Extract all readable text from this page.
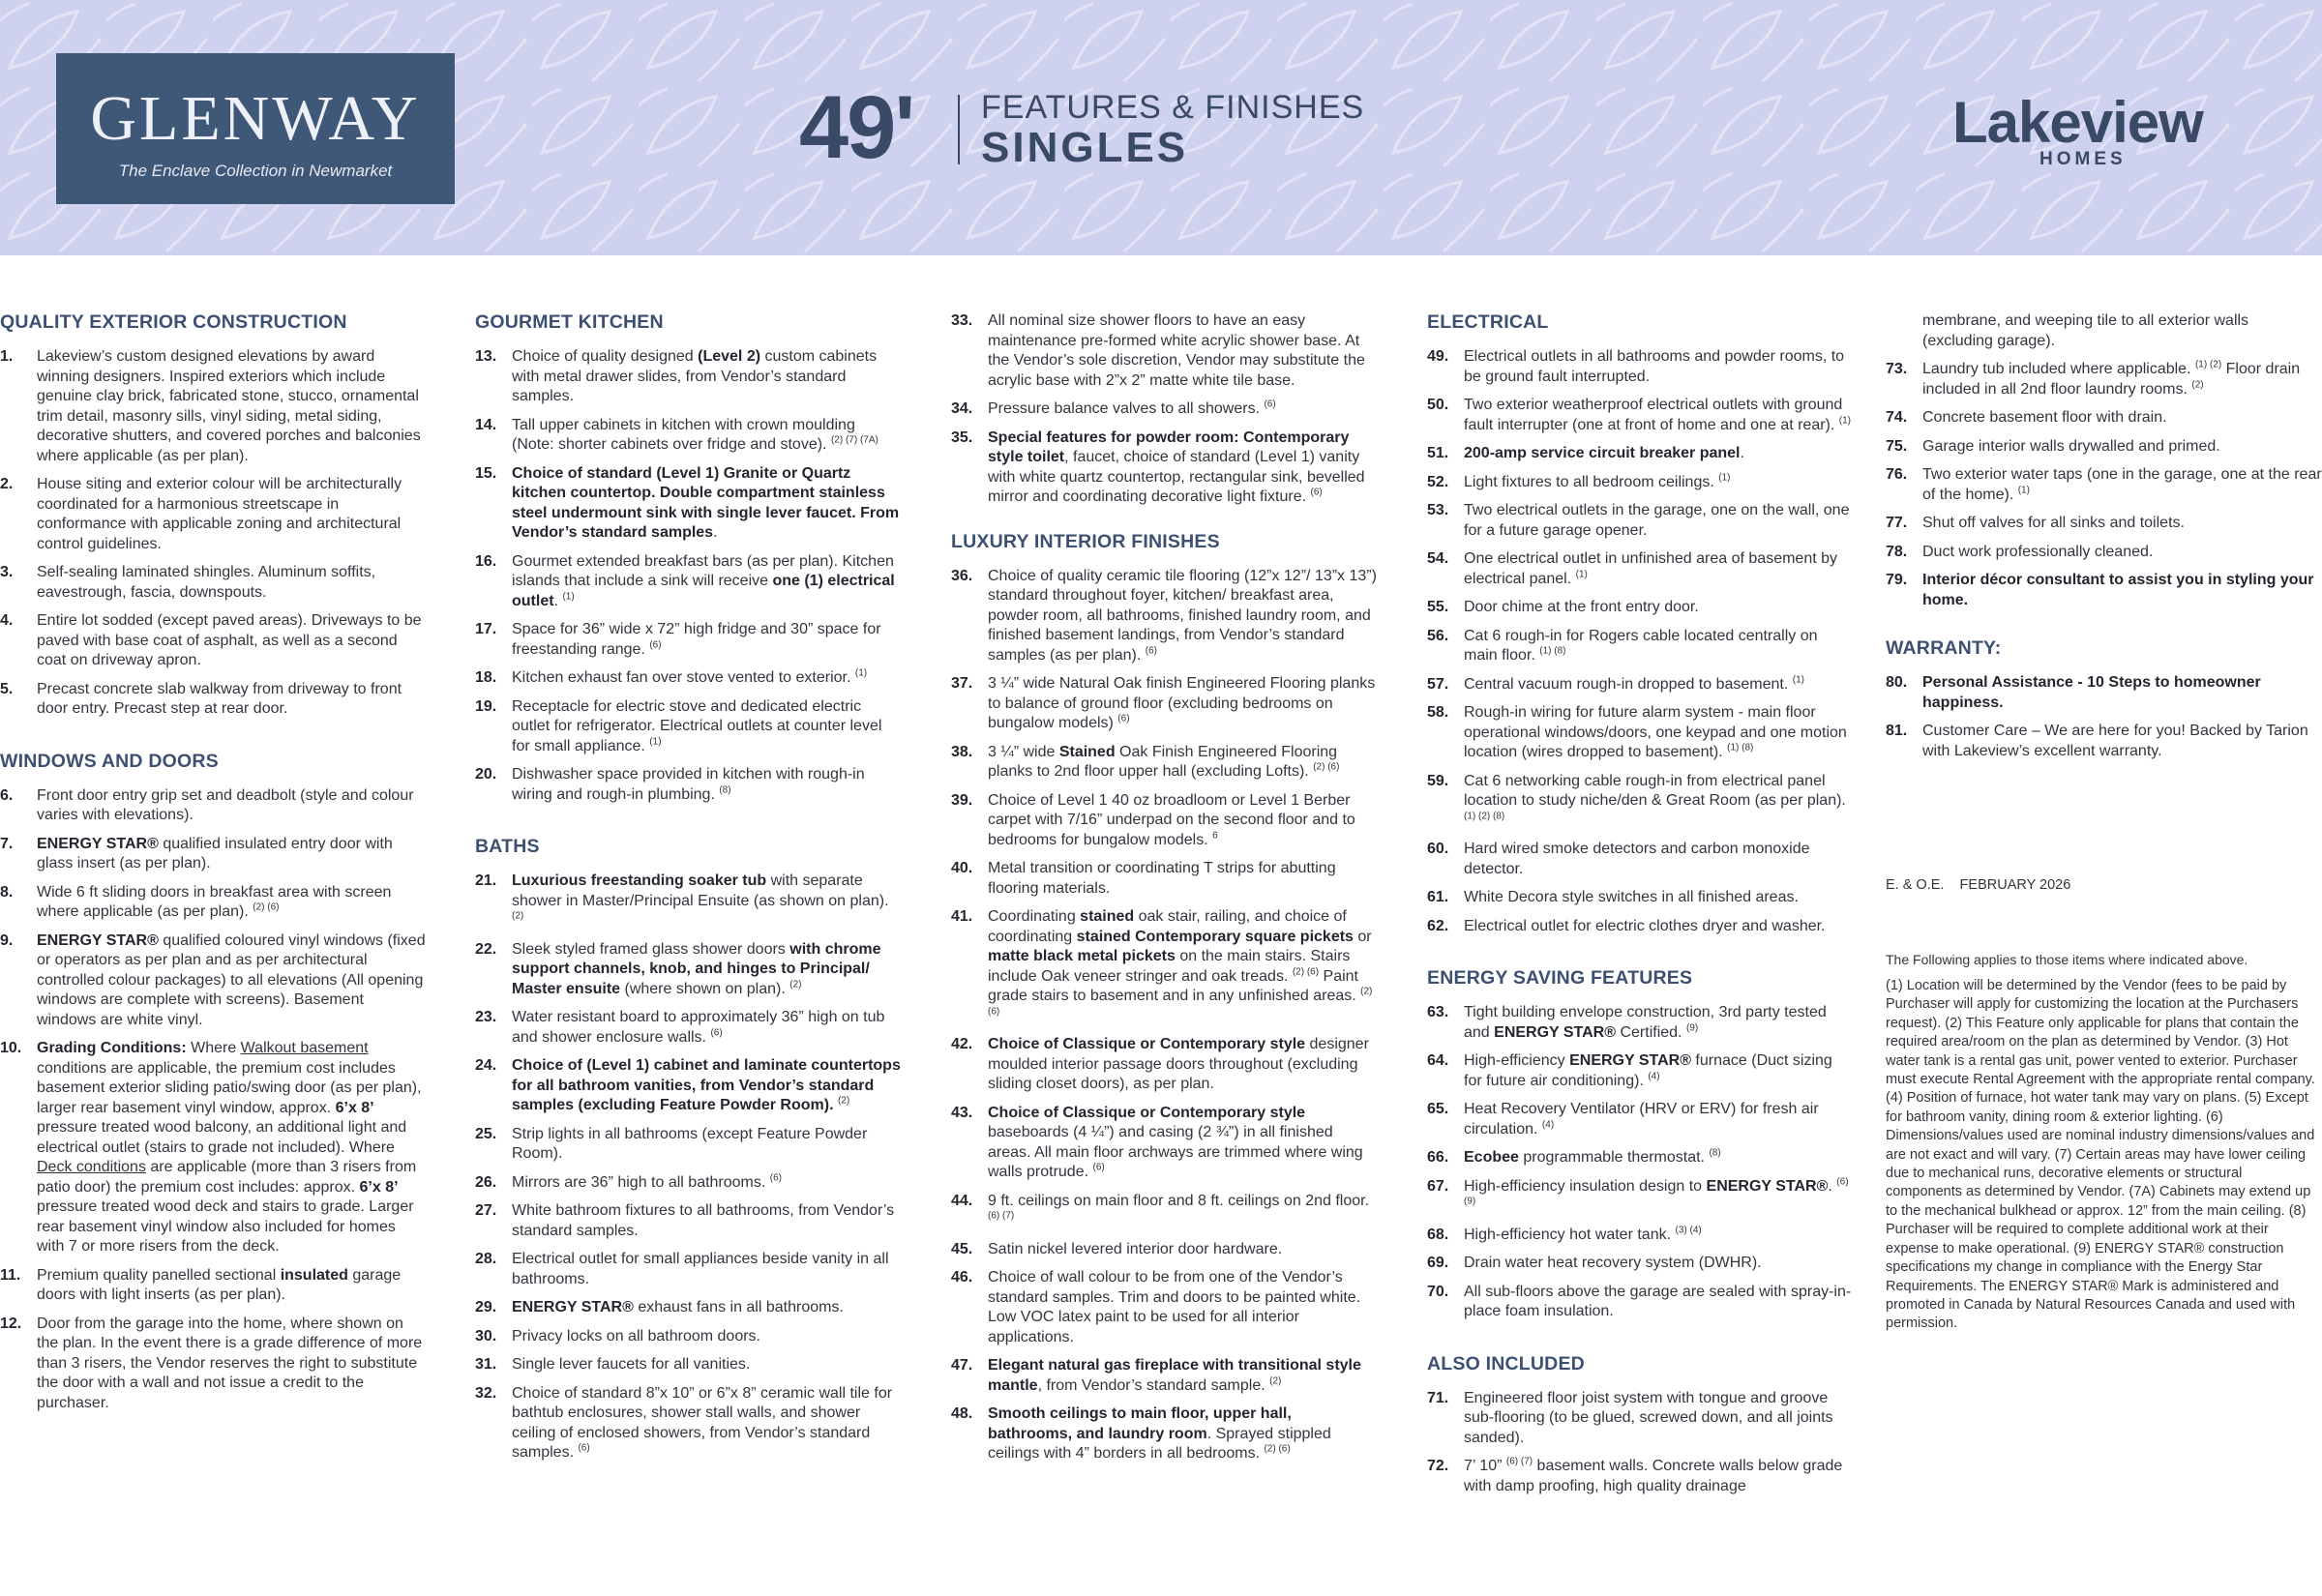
GLENWAY
The Enclave Collection in Newmarket	49' FEATURES & FINISHES
SINGLES	Lakeview
HOMES
QUALITY EXTERIOR CONSTRUCTION
1. Lakeview’s custom designed elevations by award winning designers. Inspired exteriors which include genuine clay brick, fabricated stone, stucco, ornamental trim detail, masonry sills, vinyl siding, metal siding, decorative shutters, and covered porches and balconies where applicable (as per plan).
2. House siting and exterior colour will be architecturally coordinated for a harmonious streetscape in conformance with applicable zoning and architectural control guidelines.
3. Self-sealing laminated shingles. Aluminum soffits, eavestrough, fascia, downspouts.
4. Entire lot sodded (except paved areas). Driveways to be paved with base coat of asphalt, as well as a second coat on driveway apron.
5. Precast concrete slab walkway from driveway to front door entry. Precast step at rear door.
WINDOWS AND DOORS
6. Front door entry grip set and deadbolt (style and colour varies with elevations).
7. ENERGY STAR® qualified insulated entry door with glass insert (as per plan).
8. Wide 6 ft sliding doors in breakfast area with screen where applicable (as per plan). $^{(2) (6)}$
9. ENERGY STAR® qualified coloured vinyl windows (fixed or operators as per plan and as per architectural controlled colour packages) to all elevations (All opening windows are complete with screens). Basement windows are white vinyl.
10. Grading Conditions: Where Walkout basement conditions are applicable, the premium cost includes basement exterior sliding patio/swing door (as per plan), larger rear basement vinyl window, approx. 6’x 8’ pressure treated wood balcony, an additional light and electrical outlet (stairs to grade not included). Where Deck conditions are applicable (more than 3 risers from patio door) the premium cost includes: approx. 6’x 8’ pressure treated wood deck and stairs to grade. Larger rear basement vinyl window also included for homes with 7 or more risers from the deck.
11. Premium quality panelled sectional insulated garage doors with light inserts (as per plan).
12. Door from the garage into the home, where shown on the plan. In the event there is a grade difference of more than 3 risers, the Vendor reserves the right to substitute the door with a wall and not issue a credit to the purchaser.
GOURMET KITCHEN
13. Choice of quality designed (Level 2) custom cabinets with metal drawer slides, from Vendor’s standard samples.
14. Tall upper cabinets in kitchen with crown moulding (Note: shorter cabinets over fridge and stove). $^{(2) (7) (7A)}$
15. Choice of standard (Level 1) Granite or Quartz kitchen countertop. Double compartment stainless steel undermount sink with single lever faucet. From Vendor’s standard samples.
16. Gourmet extended breakfast bars (as per plan). Kitchen islands that include a sink will receive one (1) electrical outlet. $^{(1)}$
17. Space for 36” wide x 72” high fridge and 30” space for freestanding range. $^{(6)}$
18. Kitchen exhaust fan over stove vented to exterior. $^{(1)}$
19. Receptacle for electric stove and dedicated electric outlet for refrigerator. Electrical outlets at counter level for small appliance. $^{(1)}$
20. Dishwasher space provided in kitchen with rough-in wiring and rough-in plumbing. $^{(8)}$
BATHS
21. Luxurious freestanding soaker tub with separate shower in Master/Principal Ensuite (as shown on plan). $^{(2)}$
22. Sleek styled framed glass shower doors with chrome support channels, knob, and hinges to Principal/ Master ensuite (where shown on plan). $^{(2)}$
23. Water resistant board to approximately 36” high on tub and shower enclosure walls. $^{(6)}$
24. Choice of (Level 1) cabinet and laminate countertops for all bathroom vanities, from Vendor’s standard samples (excluding Feature Powder Room). $^{(2)}$
25. Strip lights in all bathrooms (except Feature Powder Room).
26. Mirrors are 36” high to all bathrooms. $^{(6)}$
27. White bathroom fixtures to all bathrooms, from Vendor’s standard samples.
28. Electrical outlet for small appliances beside vanity in all bathrooms.
29. ENERGY STAR® exhaust fans in all bathrooms.
30. Privacy locks on all bathroom doors.
31. Single lever faucets for all vanities.
32. Choice of standard 8”x 10” or 6”x 8” ceramic wall tile for bathtub enclosures, shower stall walls, and shower ceiling of enclosed showers, from Vendor’s standard samples. $^{(6)}$
33. All nominal size shower floors to have an easy maintenance pre-formed white acrylic shower base. At the Vendor’s sole discretion, Vendor may substitute the acrylic base with 2”x 2” matte white tile base.
34. Pressure balance valves to all showers. $^{(6)}$
35. Special features for powder room: Contemporary style toilet, faucet, choice of standard (Level 1) vanity with white quartz countertop, rectangular sink, bevelled mirror and coordinating decorative light fixture. $^{(6)}$
LUXURY INTERIOR FINISHES
36. Choice of quality ceramic tile flooring (12”x 12”/ 13”x 13”) standard throughout foyer, kitchen/ breakfast area, powder room, all bathrooms, finished laundry room, and finished basement landings, from Vendor’s standard samples (as per plan). $^{(6)}$
37. 3 ¼” wide Natural Oak finish Engineered Flooring planks to balance of ground floor (excluding bedrooms on bungalow models) $^{(6)}$
38. 3 ¼” wide Stained Oak Finish Engineered Flooring planks to 2nd floor upper hall (excluding Lofts). $^{(2) (6)}$
39. Choice of Level 1 40 oz broadloom or Level 1 Berber carpet with 7/16” underpad on the second floor and to bedrooms for bungalow models. $^6$
40. Metal transition or coordinating T strips for abutting flooring materials.
41. Coordinating stained oak stair, railing, and choice of coordinating stained Contemporary square pickets or matte black metal pickets on the main stairs. Stairs include Oak veneer stringer and oak treads. $^{(2) (6)}$ Paint grade stairs to basement and in any unfinished areas. $^{(2) (6)}$
42. Choice of Classique or Contemporary style designer moulded interior passage doors throughout (excluding sliding closet doors), as per plan.
43. Choice of Classique or Contemporary style baseboards (4 ¼”) and casing (2 ¾”) in all finished areas. All main floor archways are trimmed where wing walls protrude. $^{(6)}$
44. 9 ft. ceilings on main floor and 8 ft. ceilings on 2nd floor. $^{(6) (7)}$
45. Satin nickel levered interior door hardware.
46. Choice of wall colour to be from one of the Vendor’s standard samples. Trim and doors to be painted white. Low VOC latex paint to be used for all interior applications.
47. Elegant natural gas fireplace with transitional style mantle, from Vendor’s standard sample. $^{(2)}$
48. Smooth ceilings to main floor, upper hall, bathrooms, and laundry room. Sprayed stippled ceilings with 4” borders in all bedrooms. $^{(2) (6)}$
ELECTRICAL
49. Electrical outlets in all bathrooms and powder rooms, to be ground fault interrupted.
50. Two exterior weatherproof electrical outlets with ground fault interrupter (one at front of home and one at rear). $^{(1)}$
51. 200-amp service circuit breaker panel.
52. Light fixtures to all bedroom ceilings. $^{(1)}$
53. Two electrical outlets in the garage, one on the wall, one for a future garage opener.
54. One electrical outlet in unfinished area of basement by electrical panel. $^{(1)}$
55. Door chime at the front entry door.
56. Cat 6 rough-in for Rogers cable located centrally on main floor. $^{(1) (8)}$
57. Central vacuum rough-in dropped to basement. $^{(1)}$
58. Rough-in wiring for future alarm system - main floor operational windows/doors, one keypad and one motion location (wires dropped to basement). $^{(1) (8)}$
59. Cat 6 networking cable rough-in from electrical panel location to study niche/den & Great Room (as per plan). $^{(1) (2) (8)}$
60. Hard wired smoke detectors and carbon monoxide detector.
61. White Decora style switches in all finished areas.
62. Electrical outlet for electric clothes dryer and washer.
ENERGY SAVING FEATURES
63. Tight building envelope construction, 3rd party tested and ENERGY STAR® Certified. $^{(9)}$
64. High-efficiency ENERGY STAR® furnace (Duct sizing for future air conditioning). $^{(4)}$
65. Heat Recovery Ventilator (HRV or ERV) for fresh air circulation. $^{(4)}$
66. Ecobee programmable thermostat. $^{(8)}$
67. High-efficiency insulation design to ENERGY STAR®. $^{(6) (9)}$
68. High-efficiency hot water tank. $^{(3) (4)}$
69. Drain water heat recovery system (DWHR).
70. All sub-floors above the garage are sealed with spray-in-place foam insulation.
ALSO INCLUDED
71. Engineered floor joist system with tongue and groove sub-flooring (to be glued, screwed down, and all joints sanded).
72. 7’ 10” $^{(6) (7)}$ basement walls. Concrete walls below grade with damp proofing, high quality drainage
membrane, and weeping tile to all exterior walls (excluding garage).
73. Laundry tub included where applicable. $^{(1) (2)}$ Floor drain included in all 2nd floor laundry rooms. $^{(2)}$
74. Concrete basement floor with drain.
75. Garage interior walls drywalled and primed.
76. Two exterior water taps (one in the garage, one at the rear of the home). $^{(1)}$
77. Shut off valves for all sinks and toilets.
78. Duct work professionally cleaned.
79. Interior décor consultant to assist you in styling your home.
WARRANTY:
80. Personal Assistance - 10 Steps to homeowner happiness.
81. Customer Care – We are here for you! Backed by Tarion with Lakeview’s excellent warranty.
E. & O.E.    FEBRUARY 2026
The Following applies to those items where indicated above.
(1) Location will be determined by the Vendor (fees to be paid by Purchaser will apply for customizing the location at the Purchasers request). (2) This Feature only applicable for plans that contain the required area/room on the plan as determined by Vendor. (3) Hot water tank is a rental gas unit, power vented to exterior. Purchaser must execute Rental Agreement with the appropriate rental company. (4) Position of furnace, hot water tank may vary on plans. (5) Except for bathroom vanity, dining room & exterior lighting. (6) Dimensions/values used are nominal industry dimensions/values and are not exact and will vary. (7) Certain areas may have lower ceiling due to mechanical runs, decorative elements or structural components as determined by Vendor. (7A) Cabinets may extend up to the mechanical bulkhead or approx. 12” from the main ceiling. (8) Purchaser will be required to complete additional work at their expense to make operational. (9) ENERGY STAR® construction specifications my change in compliance with the Energy Star Requirements. The ENERGY STAR® Mark is administered and promoted in Canada by Natural Resources Canada and used with permission.
